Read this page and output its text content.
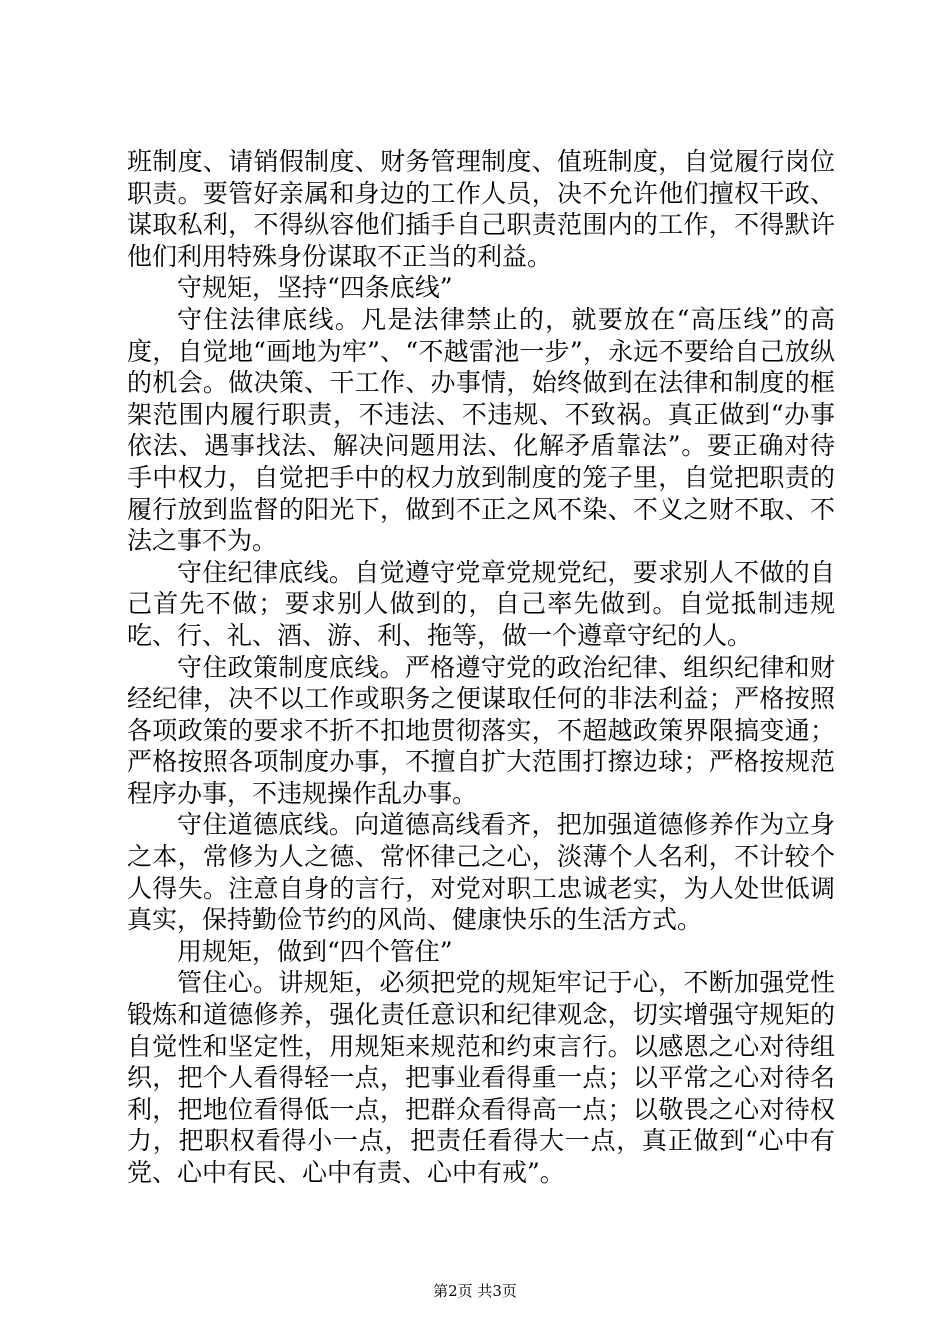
班制度、请销假制度、财务管理制度、值班制度，自觉履行岗位职责。要管好亲属和身边的工作人员，决不允许他们擅权干政、谋取私利，不得纵容他们插手自己职责范围内的工作，不得默许他们利用特殊身份谋取不正当的利益。

守规矩，坚持“四条底线”

守住法律底线。凡是法律禁止的，就要放在“高压线”的高度，自觉地“画地为牢”、“不越雷池一步”，永远不要给自己放纵的机会。做决策、干工作、办事情，始终做到在法律和制度的框架范围内履行职责，不违法、不违规、不致祸。真正做到“办事依法、遇事找法、解决问题用法、化解矛盾靠法”。要正确对待手中权力，自觉把手中的权力放到制度的笼子里，自觉把职责的履行放到监督的阳光下，做到不正之风不染、不义之财不取、不法之事不为。

守住纪律底线。自觉遵守党章党规党纪，要求别人不做的自己首先不做；要求别人做到的，自己率先做到。自觉抵制违规吃、行、礼、酒、游、利、拖等，做一个遵章守纪的人。

守住政策制度底线。严格遵守党的政治纪律、组织纪律和财经纪律，决不以工作或职务之便谋取任何的非法利益；严格按照各项政策的要求不折不扣地贯彻落实，不超越政策界限搞变通；严格按照各项制度办事，不擅自扩大范围打擦边球；严格按规范程序办事，不违规操作乱办事。

守住道德底线。向道德高线看齐，把加强道德修养作为立身之本，常修为人之德、常怀律己之心，淡薄个人名利，不计较个人得失。注意自身的言行，对党对职工忠诚老实，为人处世低调真实，保持勤俭节约的风尚、健康快乐的生活方式。

用规矩，做到“四个管住”

管住心。讲规矩，必须把党的规矩牢记于心，不断加强党性锻炼和道德修养，强化责任意识和纪律观念，切实增强守规矩的自觉性和坚定性，用规矩来规范和约束言行。以感恩之心对待组织，把个人看得轻一点，把事业看得重一点；以平常之心对待名利，把地位看得低一点，把群众看得高一点；以敬畏之心对待权力，把职权看得小一点，把责任看得大一点，真正做到“心中有党、心中有民、心中有责、心中有戒”。

第2页 共3页
